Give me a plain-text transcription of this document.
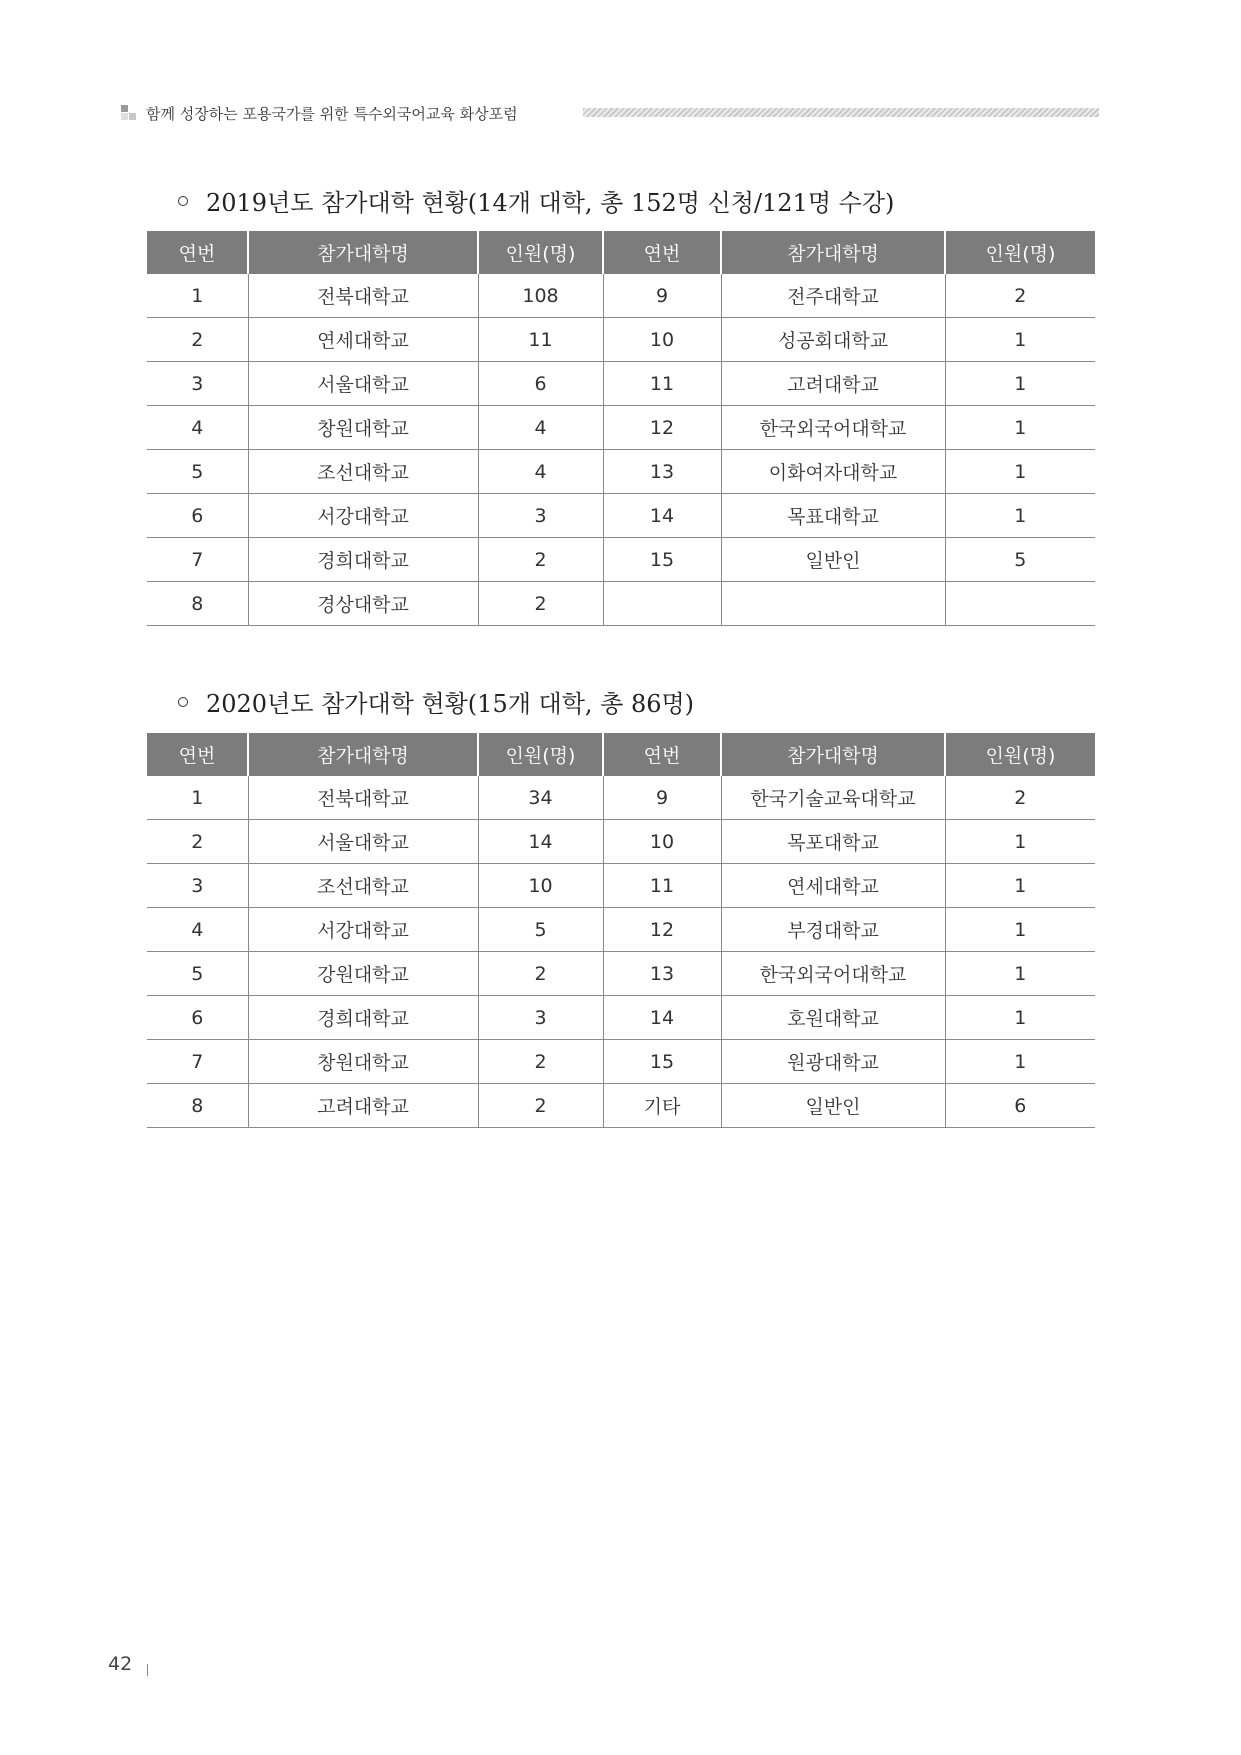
함께 성장하는 포용국가를 위한 특수외국어교육 화상포럼
2019년도 참가대학 현황(14개 대학, 총 152명 신청/121명 수강)
연번	참가대학명	인원(명)	연번	참가대학명	인원(명)
1	전북대학교	108	9	전주대학교	2
2	연세대학교	11	10	성공회대학교	1
3	서울대학교	6	11	고려대학교	1
4	창원대학교	4	12	한국외국어대학교	1
5	조선대학교	4	13	이화여자대학교	1
6	서강대학교	3	14	목표대학교	1
7	경희대학교	2	15	일반인	5
8	경상대학교	2			
2020년도 참가대학 현황(15개 대학, 총 86명)
연번	참가대학명	인원(명)	연번	참가대학명	인원(명)
1	전북대학교	34	9	한국기술교육대학교	2
2	서울대학교	14	10	목포대학교	1
3	조선대학교	10	11	연세대학교	1
4	서강대학교	5	12	부경대학교	1
5	강원대학교	2	13	한국외국어대학교	1
6	경희대학교	3	14	호원대학교	1
7	창원대학교	2	15	원광대학교	1
8	고려대학교	2	기타	일반인	6
42
